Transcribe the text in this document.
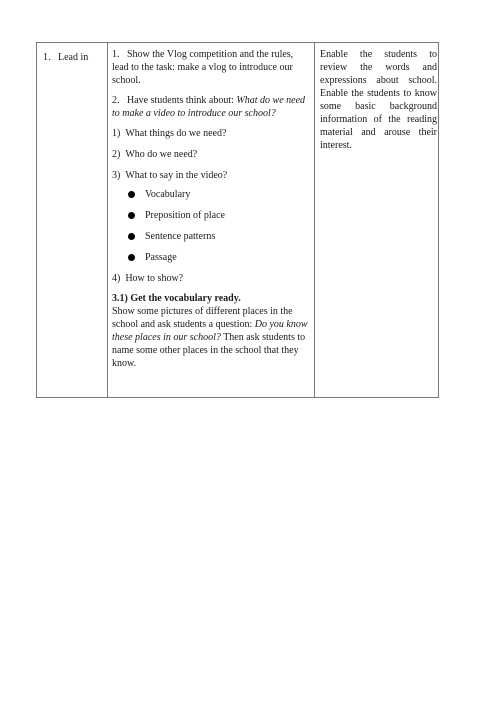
1．Lead in 1.   Show the Vlog competition and the rules, lead to the task: make a vlog to introduce our school.

2.   Have students think about: What do we need to make a video to introduce our school?

1)  What things do we need?

2)  Who do we need?

3)  What to say in the video?

Vocabulary
Preposition of place
Sentence patterns
Passage

4)  How to show?

3.1) Get the vocabulary ready.

Show some pictures of different places in the school and ask students a question: Do you know these places in our school? Then ask students to name some other places in the school that they know.

Enable the students to review the words and expressions about school. Enable the students to know some basic background information of the reading material and arouse their interest.
